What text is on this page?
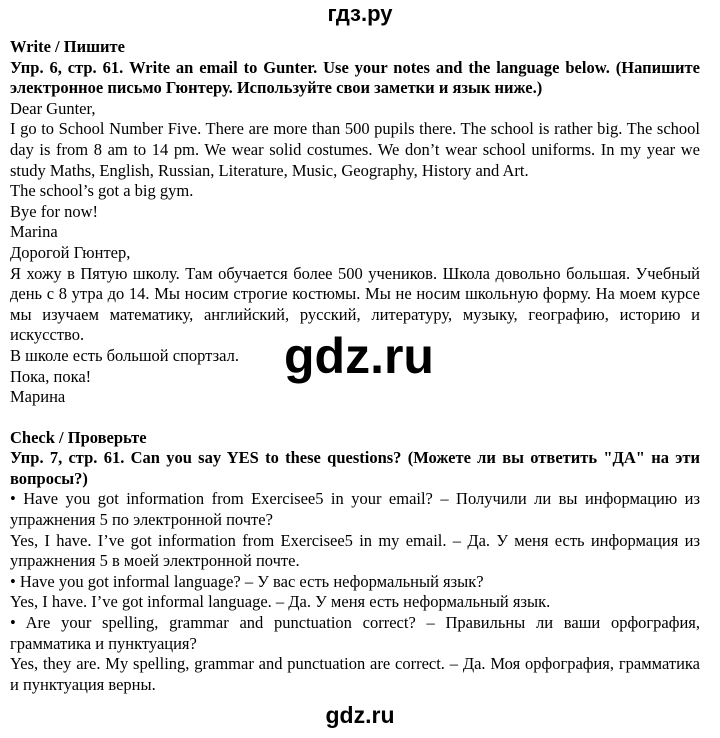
гдз.ру

Write / Пишите

Упр. 6, стр. 61. Write an email to Gunter. Use your notes and the language below. (Напишите электронное письмо Гюнтеру. Используйте свои заметки и язык ниже.)

Dear Gunter,

I go to School Number Five. There are more than 500 pupils there. The school is rather big. The school day is from 8 am to 14 pm. We wear solid costumes. We don’t wear school uniforms. In my year we study Maths, English, Russian, Literature, Music, Geography, History and Art.

The school’s got a big gym.

Bye for now!

Marina

Дорогой Гюнтер,

Я хожу в Пятую школу. Там обучается более 500 учеников. Школа довольно большая. Учебный день с 8 утра до 14. Мы носим строгие костюмы. Мы не носим школьную форму. На моем курсе мы изучаем математику, английский, русский, литературу, музыку, географию, историю и искусство.

В школе есть большой спортзал.

Пока, пока!

Марина

Check / Проверьте

Упр. 7, стр. 61. Can you say YES to these questions? (Можете ли вы ответить "ДА" на эти вопросы?)

• Have you got information from Exercisee5 in your email? – Получили ли вы информацию из упражнения 5 по электронной почте?

Yes, I have. I’ve got information from Exercisee5 in my email. – Да. У меня есть информация из упражнения 5 в моей электронной почте.

• Have you got informal language? – У вас есть неформальный язык?

Yes, I have. I’ve got informal language. – Да. У меня есть неформальный язык.

• Are your spelling, grammar and punctuation correct? – Правильны ли ваши орфография, грамматика и пунктуация?

Yes, they are. My spelling, grammar and punctuation are correct. – Да. Моя орфография, грамматика и пунктуация верны.

gdz.ru
gdz.ru
